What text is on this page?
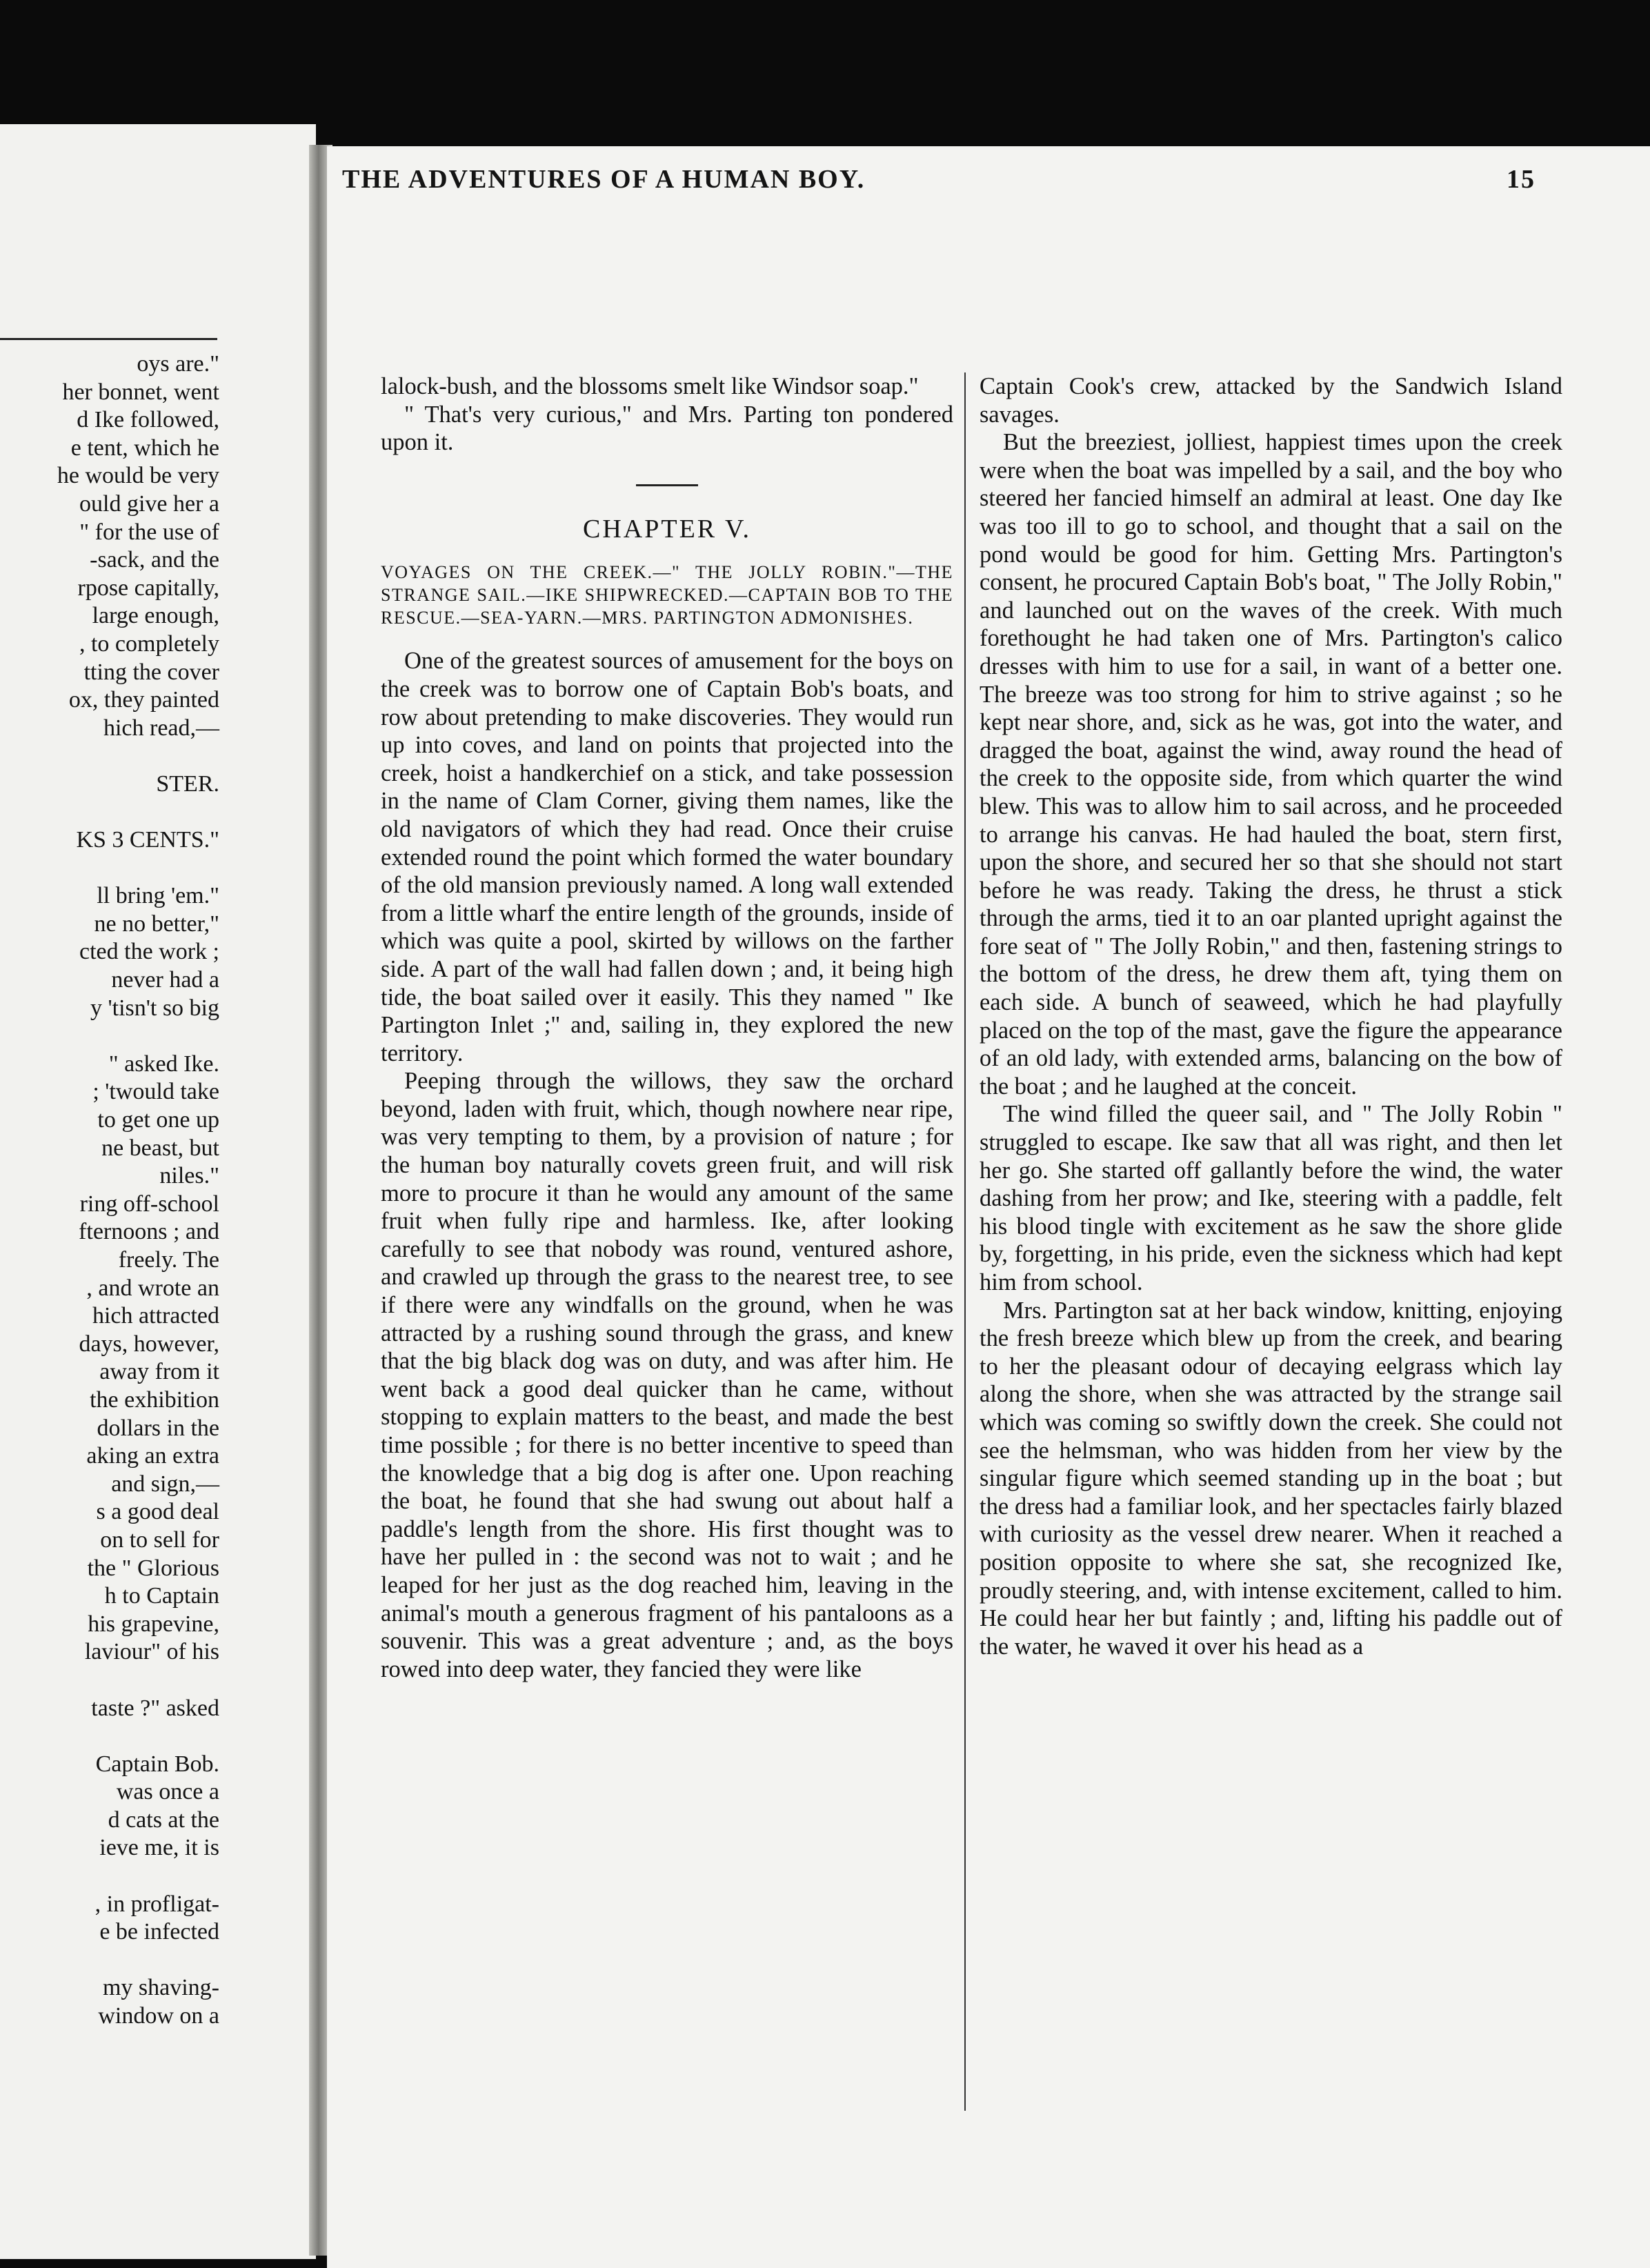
oys are."
her bonnet, went
d Ike followed,
e tent, which he
he would be very
ould give her a
" for the use of
-sack, and the
rpose capitally,
large enough,
, to completely
tting the cover
ox, they painted
hich read,—

STER.

KS 3 CENTS."

ll bring 'em."
ne no better,"
cted the work ;
never had a
y 'tisn't so big

" asked Ike.
; 'twould take
to get one up
ne beast, but
niles."
ring off-school
fternoons ; and
freely. The
, and wrote an
hich attracted
days, however,
away from it
the exhibition
dollars in the
aking an extra
and sign,—
s a good deal
on to sell for
the " Glorious
h to Captain
his grapevine,
laviour" of his

taste ?" asked

Captain Bob.
was once a
d cats at the
ieve me, it is

, in profligat-
e be infected

my shaving-
window on a
THE ADVENTURES OF A HUMAN BOY.	15

lalock-bush, and the blossoms smelt like Windsor soap."

" That's very curious," and Mrs. Parting ton pondered upon it.

CHAPTER V.
VOYAGES ON THE CREEK.—" THE JOLLY ROBIN."—THE STRANGE SAIL.—IKE SHIPWRECKED.—CAPTAIN BOB TO THE RESCUE.—SEA-YARN.—MRS. PARTINGTON ADMONISHES.

One of the greatest sources of amusement for the boys on the creek was to borrow one of Captain Bob's boats, and row about pretending to make discoveries. They would run up into coves, and land on points that projected into the creek, hoist a handkerchief on a stick, and take possession in the name of Clam Corner, giving them names, like the old navigators of which they had read. Once their cruise extended round the point which formed the water boundary of the old mansion previously named. A long wall extended from a little wharf the entire length of the grounds, inside of which was quite a pool, skirted by willows on the farther side. A part of the wall had fallen down ; and, it being high tide, the boat sailed over it easily. This they named " Ike Partington Inlet ;" and, sailing in, they explored the new territory.

Peeping through the willows, they saw the orchard beyond, laden with fruit, which, though nowhere near ripe, was very tempting to them, by a provision of nature ; for the human boy naturally covets green fruit, and will risk more to procure it than he would any amount of the same fruit when fully ripe and harmless. Ike, after looking carefully to see that nobody was round, ventured ashore, and crawled up through the grass to the nearest tree, to see if there were any windfalls on the ground, when he was attracted by a rushing sound through the grass, and knew that the big black dog was on duty, and was after him. He went back a good deal quicker than he came, without stopping to explain matters to the beast, and made the best time possible ; for there is no better incentive to speed than the knowledge that a big dog is after one. Upon reaching the boat, he found that she had swung out about half a paddle's length from the shore. His first thought was to have her pulled in : the second was not to wait ; and he leaped for her just as the dog reached him, leaving in the animal's mouth a generous fragment of his pantaloons as a souvenir. This was a great adventure ; and, as the boys rowed into deep water, they fancied they were like

Captain Cook's crew, attacked by the Sandwich Island savages.

But the breeziest, jolliest, happiest times upon the creek were when the boat was impelled by a sail, and the boy who steered her fancied himself an admiral at least. One day Ike was too ill to go to school, and thought that a sail on the pond would be good for him. Getting Mrs. Partington's consent, he procured Captain Bob's boat, " The Jolly Robin," and launched out on the waves of the creek. With much forethought he had taken one of Mrs. Partington's calico dresses with him to use for a sail, in want of a better one. The breeze was too strong for him to strive against ; so he kept near shore, and, sick as he was, got into the water, and dragged the boat, against the wind, away round the head of the creek to the opposite side, from which quarter the wind blew. This was to allow him to sail across, and he proceeded to arrange his canvas. He had hauled the boat, stern first, upon the shore, and secured her so that she should not start before he was ready. Taking the dress, he thrust a stick through the arms, tied it to an oar planted upright against the fore seat of " The Jolly Robin," and then, fastening strings to the bottom of the dress, he drew them aft, tying them on each side. A bunch of seaweed, which he had playfully placed on the top of the mast, gave the figure the appearance of an old lady, with extended arms, balancing on the bow of the boat ; and he laughed at the conceit.

The wind filled the queer sail, and " The Jolly Robin " struggled to escape. Ike saw that all was right, and then let her go. She started off gallantly before the wind, the water dashing from her prow; and Ike, steering with a paddle, felt his blood tingle with excitement as he saw the shore glide by, forgetting, in his pride, even the sickness which had kept him from school.

Mrs. Partington sat at her back window, knitting, enjoying the fresh breeze which blew up from the creek, and bearing to her the pleasant odour of decaying eelgrass which lay along the shore, when she was attracted by the strange sail which was coming so swiftly down the creek. She could not see the helmsman, who was hidden from her view by the singular figure which seemed standing up in the boat ; but the dress had a familiar look, and her spectacles fairly blazed with curiosity as the vessel drew nearer. When it reached a position opposite to where she sat, she recognized Ike, proudly steering, and, with intense excitement, called to him. He could hear her but faintly ; and, lifting his paddle out of the water, he waved it over his head as a
